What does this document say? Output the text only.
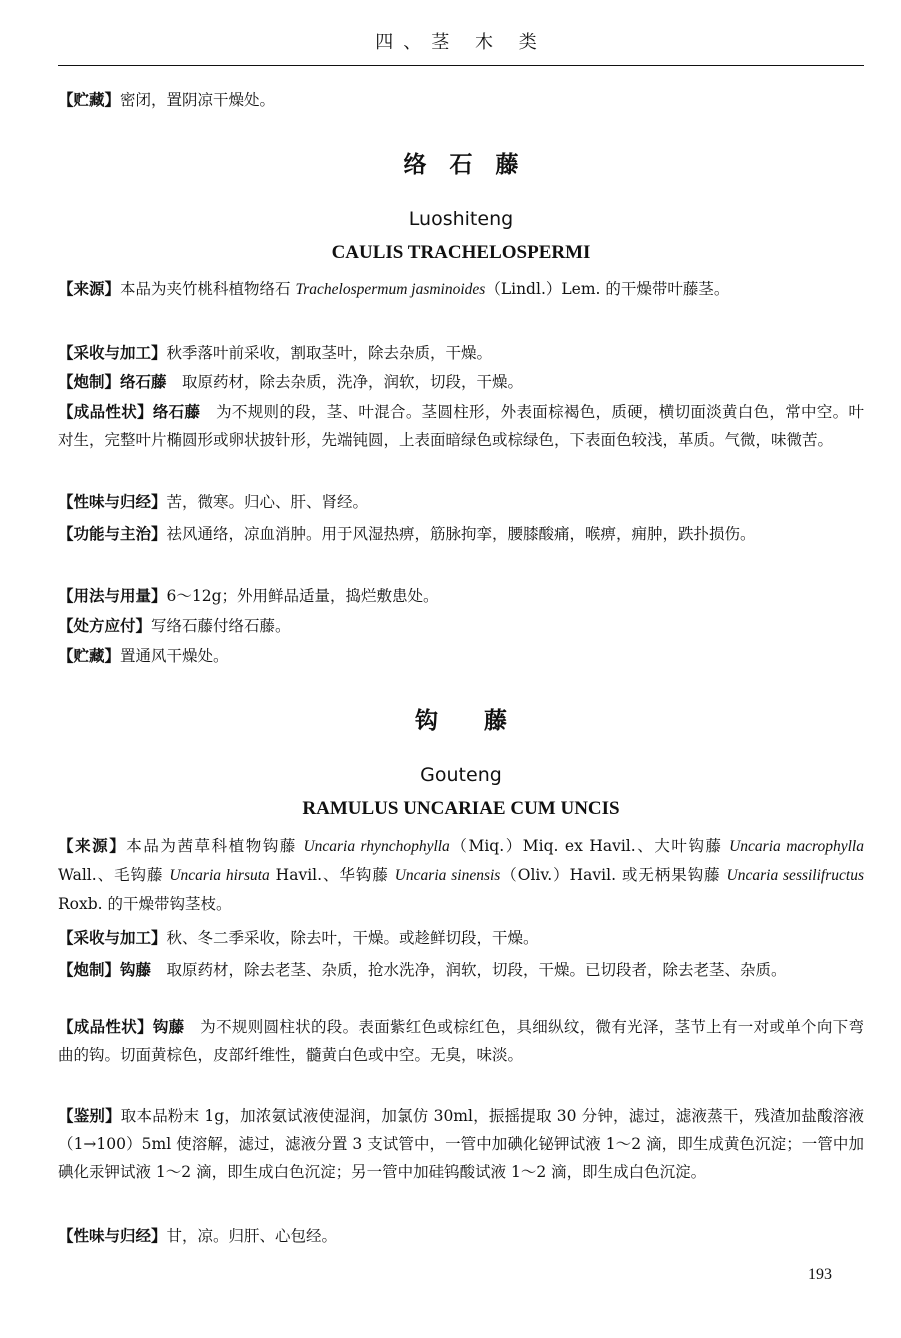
四、茎 木 类
【贮藏】密闭，置阴凉干燥处。
络　石　藤
Luoshiteng
CAULIS TRACHELOSPERMI
【来源】本品为夹竹桃科植物络石 Trachelospermum jasminoides（Lindl.）Lem. 的干燥带叶藤茎。
【采收与加工】秋季落叶前采收，割取茎叶，除去杂质，干燥。
【炮制】络石藤　取原药材，除去杂质，洗净，润软，切段，干燥。
【成品性状】络石藤　为不规则的段，茎、叶混合。茎圆柱形，外表面棕褐色，质硬，横切面淡黄白色，常中空。叶对生，完整叶片椭圆形或卵状披针形，先端钝圆，上表面暗绿色或棕绿色，下表面色较浅，革质。气微，味微苦。
【性味与归经】苦，微寒。归心、肝、肾经。
【功能与主治】祛风通络，凉血消肿。用于风湿热痹，筋脉拘挛，腰膝酸痛，喉痹，痈肿，跌扑损伤。
【用法与用量】6～12g；外用鲜品适量，捣烂敷患处。
【处方应付】写络石藤付络石藤。
【贮藏】置通风干燥处。
钩　　藤
Gouteng
RAMULUS UNCARIAE CUM UNCIS
【来源】本品为茜草科植物钩藤 Uncaria rhynchophylla（Miq.）Miq. ex Havil.、大叶钩藤 Uncaria macrophylla Wall.、毛钩藤 Uncaria hirsuta Havil.、华钩藤 Uncaria sinensis（Oliv.）Havil. 或无柄果钩藤 Uncaria sessilifructus Roxb. 的干燥带钩茎枝。
【采收与加工】秋、冬二季采收，除去叶，干燥。或趁鲜切段，干燥。
【炮制】钩藤　取原药材，除去老茎、杂质，抢水洗净，润软，切段，干燥。已切段者，除去老茎、杂质。
【成品性状】钩藤　为不规则圆柱状的段。表面紫红色或棕红色，具细纵纹，微有光泽，茎节上有一对或单个向下弯曲的钩。切面黄棕色，皮部纤维性，髓黄白色或中空。无臭，味淡。
【鉴别】取本品粉末 1g，加浓氨试液使湿润，加氯仿 30ml，振摇提取 30 分钟，滤过，滤液蒸干，残渣加盐酸溶液（1→100）5ml 使溶解，滤过，滤液分置 3 支试管中，一管中加碘化铋钾试液 1～2 滴，即生成黄色沉淀；一管中加碘化汞钾试液 1～2 滴，即生成白色沉淀；另一管中加硅钨酸试液 1～2 滴，即生成白色沉淀。
【性味与归经】甘，凉。归肝、心包经。
193
